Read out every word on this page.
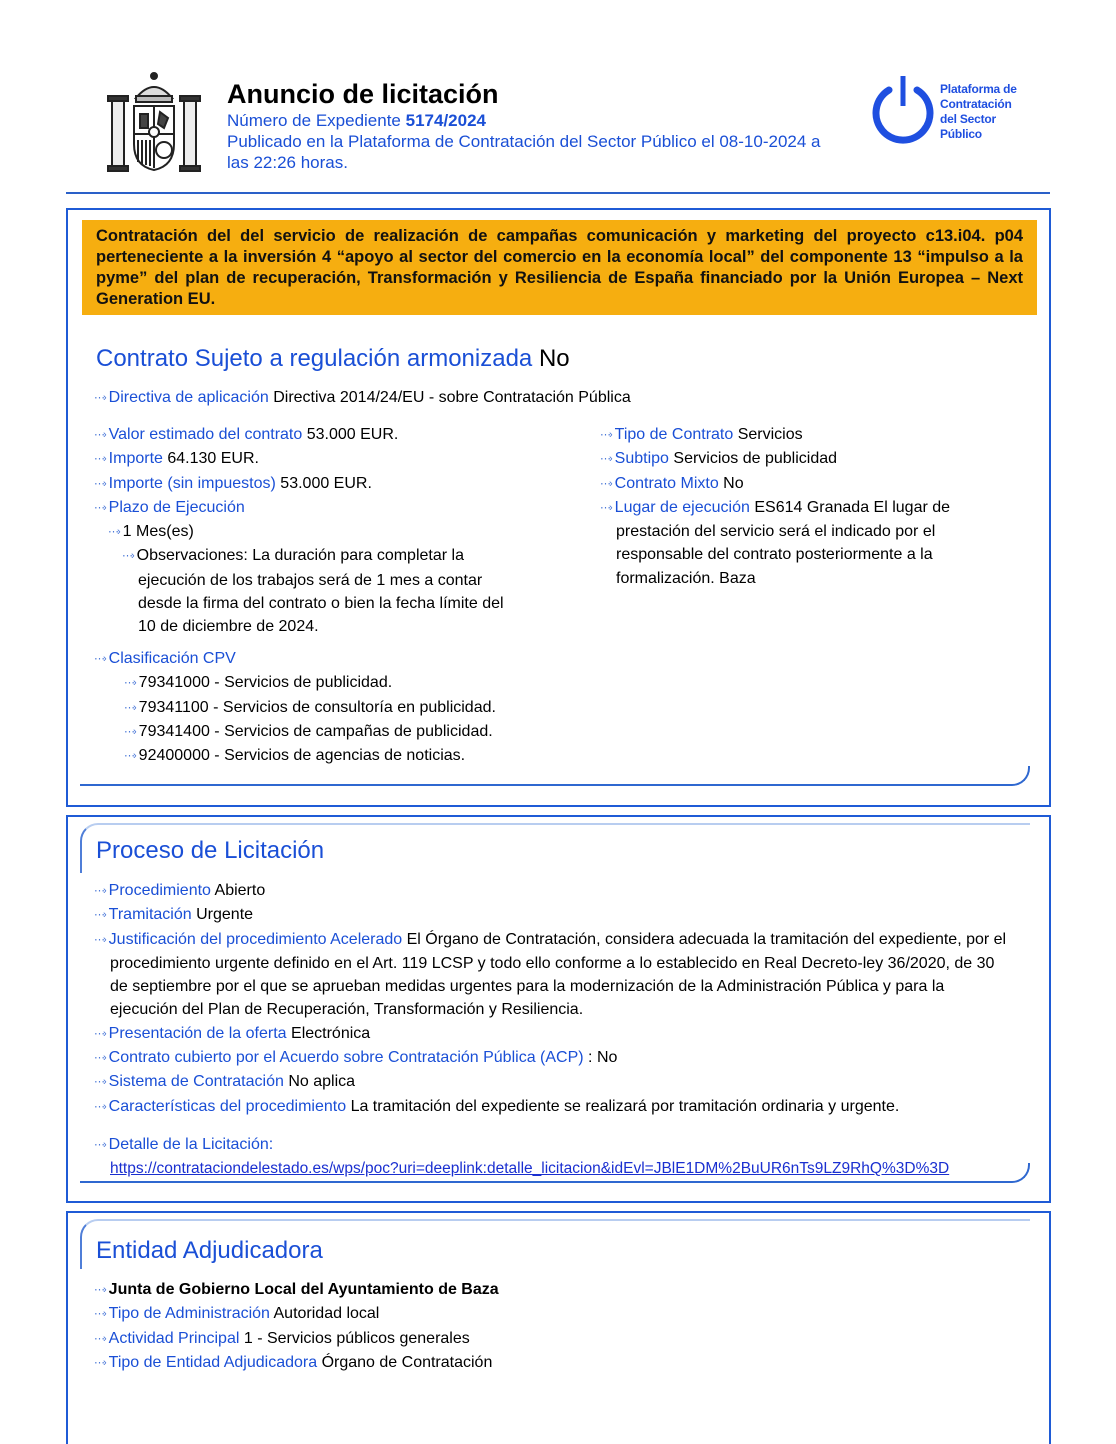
Anuncio de licitación
Número de Expediente 5174/2024
Publicado en la Plataforma de Contratación del Sector Público el 08-10-2024 a
las 22:26 horas.
Plataforma de
Contratación
del Sector
Público
Contratación del del servicio de realización de campañas comunicación y marketing del proyecto c13.i04. p04 perteneciente a la inversión 4 “apoyo al sector del comercio en la economía local” del componente 13 “impulso a la pyme” del plan de recuperación, Transformación y Resiliencia de España financiado por la Unión Europea – Next Generation EU.
Contrato Sujeto a regulación armonizada No
⋯› Directiva de aplicación Directiva 2014/24/EU - sobre Contratación Pública
⋯› Valor estimado del contrato 53.000 EUR.
⋯› Importe 64.130 EUR.
⋯› Importe (sin impuestos) 53.000 EUR.
⋯› Plazo de Ejecución
⋯› 1 Mes(es)
⋯› Observaciones: La duración para completar la
ejecución de los trabajos será de 1 mes a contar
desde la firma del contrato o bien la fecha límite del
10 de diciembre de 2024.
⋯› Tipo de Contrato Servicios
⋯› Subtipo Servicios de publicidad
⋯› Contrato Mixto No
⋯› Lugar de ejecución ES614 Granada El lugar de
prestación del servicio será el indicado por el
responsable del contrato posteriormente a la
formalización. Baza
⋯› Clasificación CPV
⋯› 79341000 - Servicios de publicidad.
⋯› 79341100 - Servicios de consultoría en publicidad.
⋯› 79341400 - Servicios de campañas de publicidad.
⋯› 92400000 - Servicios de agencias de noticias.
Proceso de Licitación
⋯› Procedimiento Abierto
⋯› Tramitación Urgente
⋯› Justificación del procedimiento Acelerado El Órgano de Contratación, considera adecuada la tramitación del expediente, por el
procedimiento urgente definido en el Art. 119 LCSP y todo ello conforme a lo establecido en Real Decreto-ley 36/2020, de 30
de septiembre por el que se aprueban medidas urgentes para la modernización de la Administración Pública y para la
ejecución del Plan de Recuperación, Transformación y Resiliencia.
⋯› Presentación de la oferta Electrónica
⋯› Contrato cubierto por el Acuerdo sobre Contratación Pública (ACP) : No
⋯› Sistema de Contratación No aplica
⋯› Características del procedimiento La tramitación del expediente se realizará por tramitación ordinaria y urgente.
⋯› Detalle de la Licitación:
https://contrataciondelestado.es/wps/poc?uri=deeplink:detalle_licitacion&idEvl=JBlE1DM%2BuUR6nTs9LZ9RhQ%3D%3D
Entidad Adjudicadora
⋯› Junta de Gobierno Local del Ayuntamiento de Baza
⋯› Tipo de Administración Autoridad local
⋯› Actividad Principal 1 - Servicios públicos generales
⋯› Tipo de Entidad Adjudicadora Órgano de Contratación
